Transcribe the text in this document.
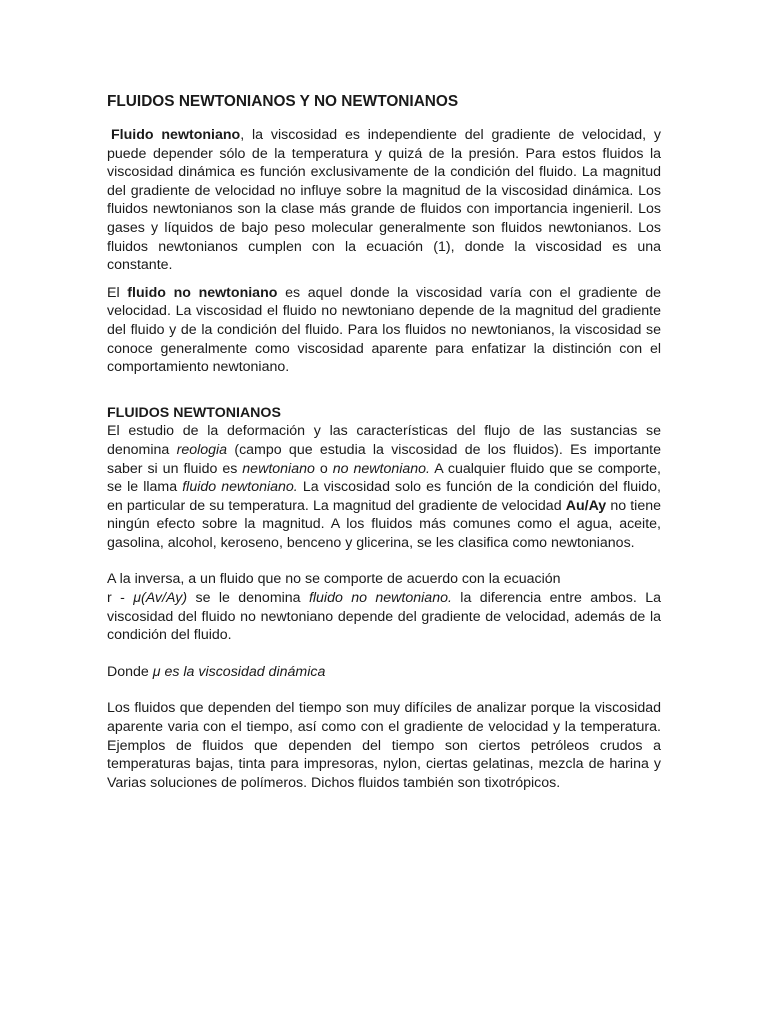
FLUIDOS NEWTONIANOS Y NO NEWTONIANOS

Fluido newtoniano, la viscosidad es independiente del gradiente de velocidad, y puede depender sólo de la temperatura y quizá de la presión. Para estos fluidos la viscosidad dinámica es función exclusivamente de la condición del fluido. La magnitud del gradiente de velocidad no influye sobre la magnitud de la viscosidad dinámica. Los fluidos newtonianos son la clase más grande de fluidos con importancia ingenieril. Los gases y líquidos de bajo peso molecular generalmente son fluidos newtonianos. Los fluidos newtonianos cumplen con la ecuación (1), donde la viscosidad es una constante.

El fluido no newtoniano es aquel donde la viscosidad varía con el gradiente de velocidad. La viscosidad el fluido no newtoniano depende de la magnitud del gradiente del fluido y de la condición del fluido. Para los fluidos no newtonianos, la viscosidad se conoce generalmente como viscosidad aparente para enfatizar la distinción con el comportamiento newtoniano.

FLUIDOS NEWTONIANOS

El estudio de la deformación y las características del flujo de las sustancias se denomina reologia (campo que estudia la viscosidad de los fluidos). Es importante saber si un fluido es newtoniano o no newtoniano. A cualquier fluido que se comporte, se le llama fluido newtoniano. La viscosidad solo es función de la condición del fluido, en particular de su temperatura. La magnitud del gradiente de velocidad Au/Ay no tiene ningún efecto sobre la magnitud. A los fluidos más comunes como el agua, aceite, gasolina, alcohol, keroseno, benceno y glicerina, se les clasifica como newtonianos.

A la inversa, a un fluido que no se comporte de acuerdo con la ecuación
r - μ(Av/Ay) se le denomina fluido no newtoniano. la diferencia entre ambos. La viscosidad del fluido no newtoniano depende del gradiente de velocidad, además de la condición del fluido.

Donde μ es la viscosidad dinámica

Los fluidos que dependen del tiempo son muy difíciles de analizar porque la viscosidad aparente varia con el tiempo, así como con el gradiente de velocidad y la temperatura. Ejemplos de fluidos que dependen del tiempo son ciertos petróleos crudos a temperaturas bajas, tinta para impresoras, nylon, ciertas gelatinas, mezcla de harina y Varias soluciones de polímeros. Dichos fluidos también son tixotrópicos.
